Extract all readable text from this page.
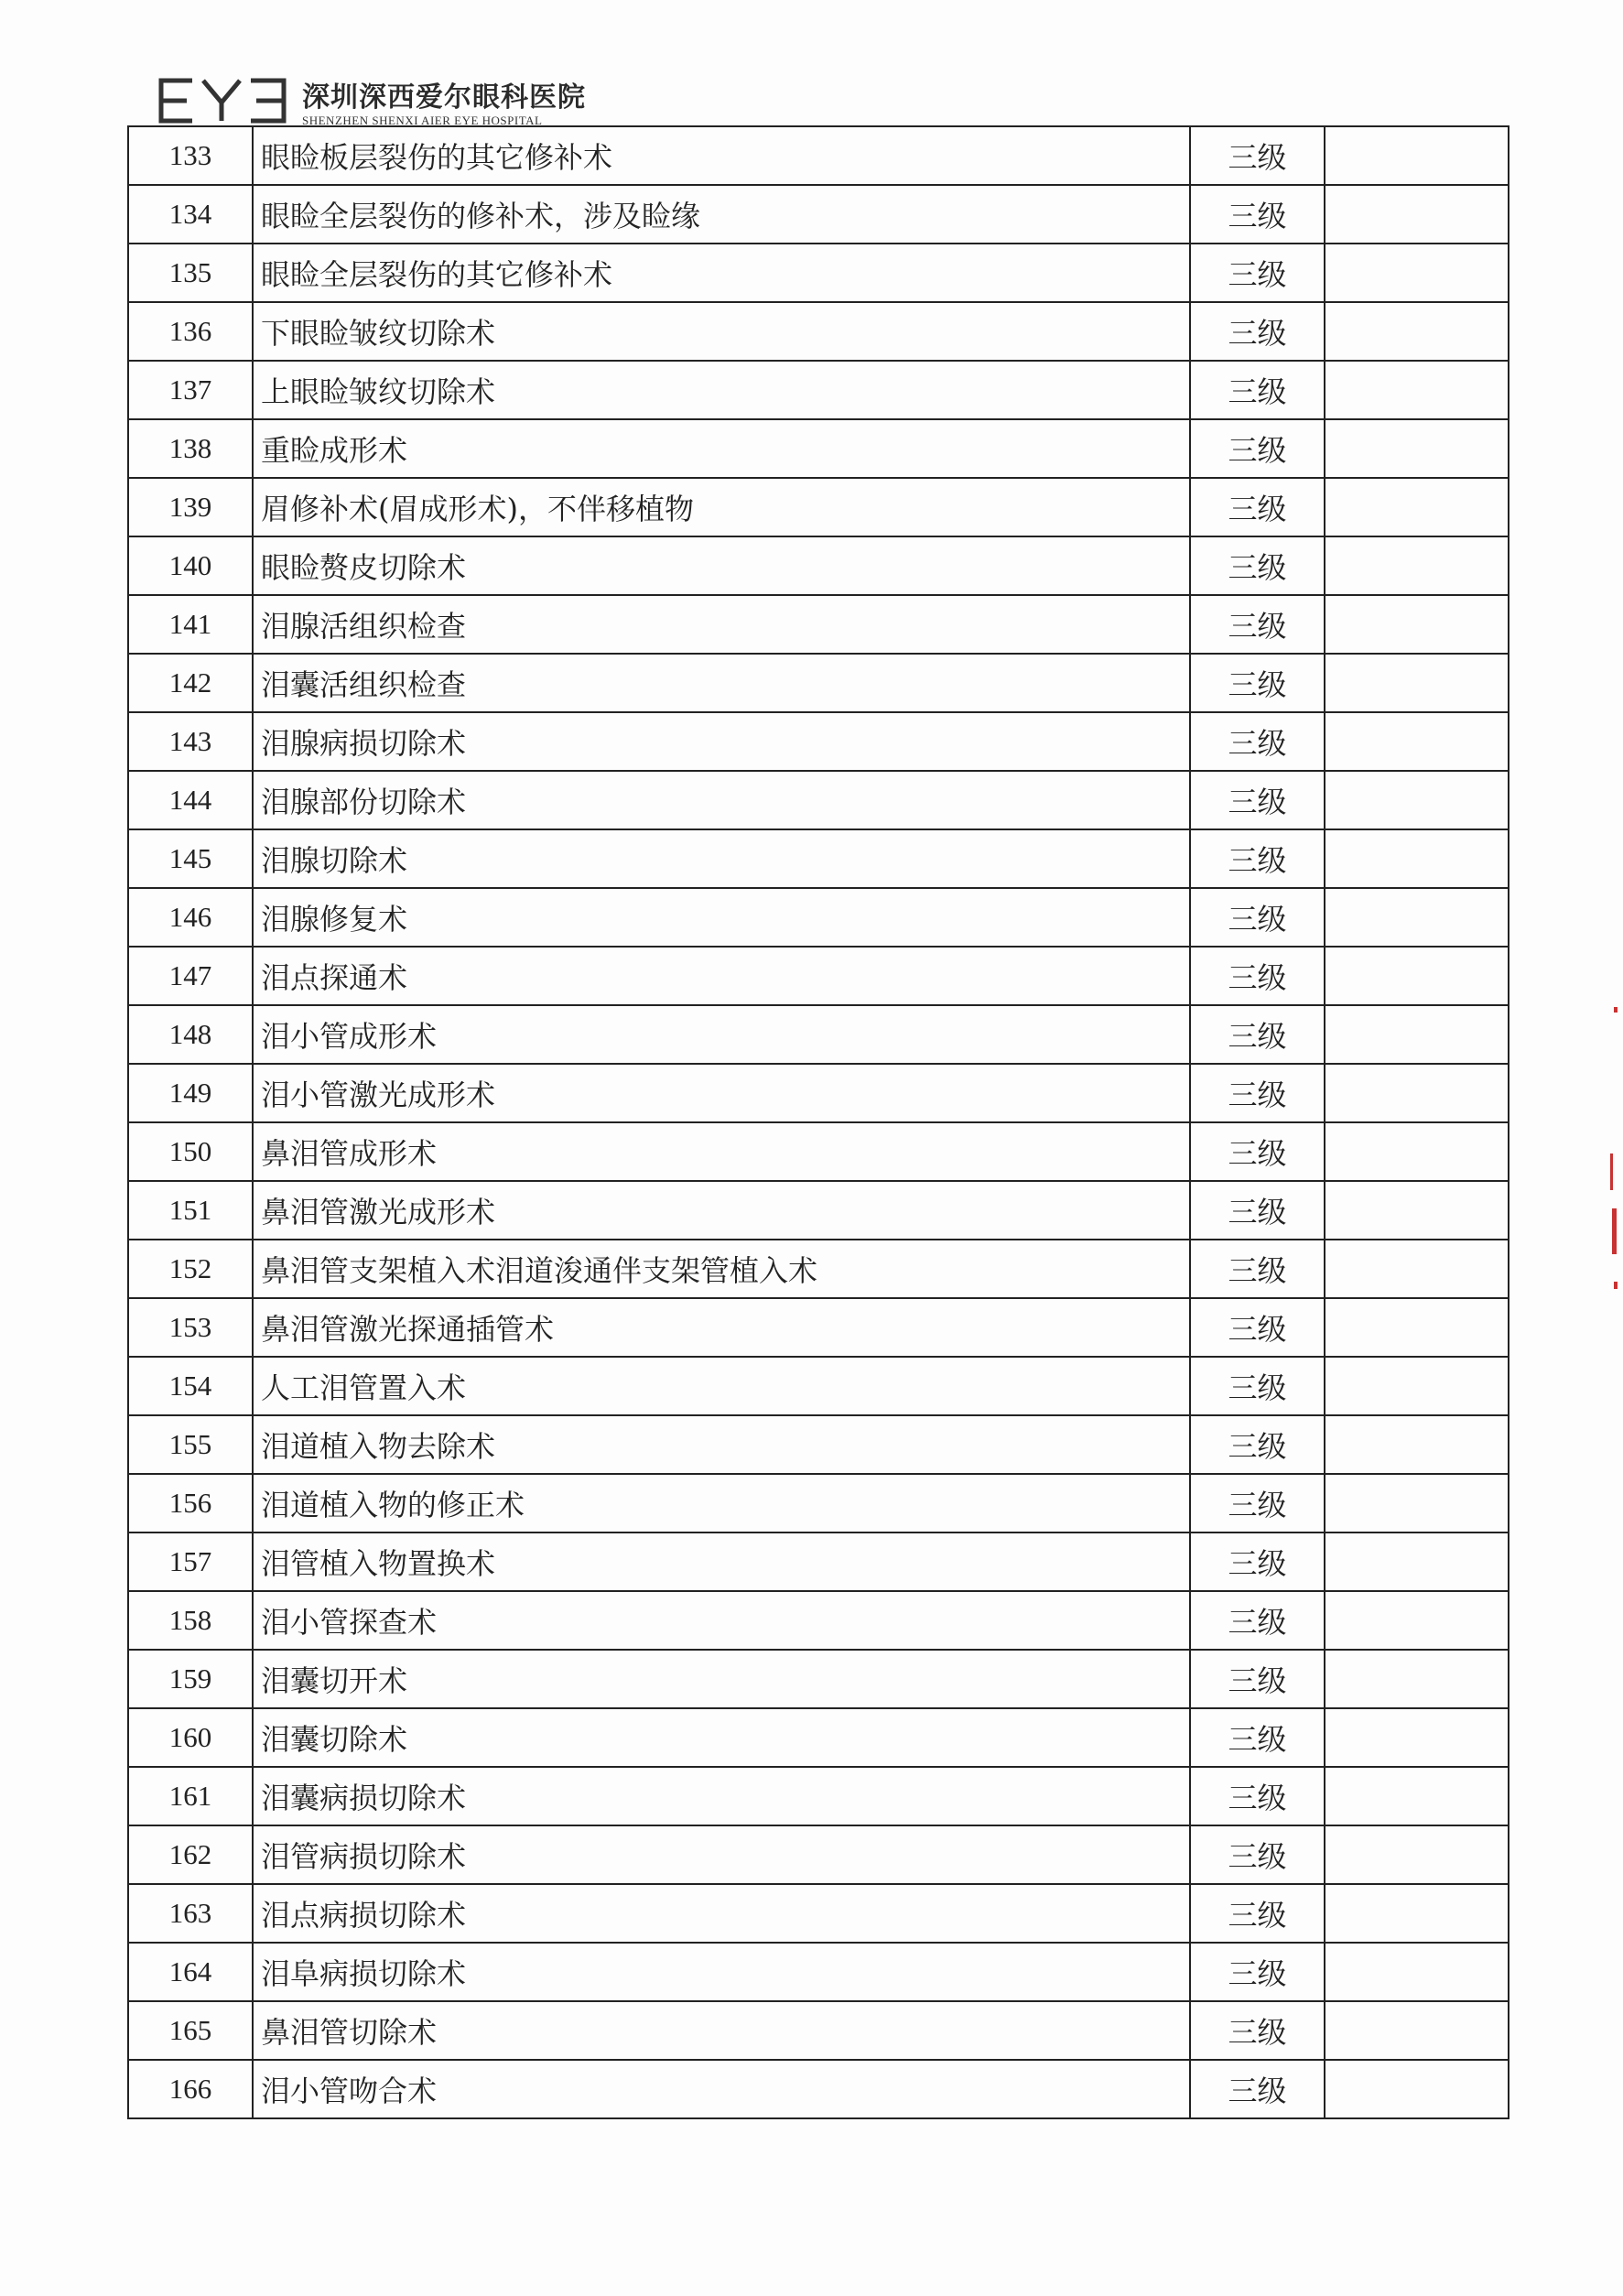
深圳深西爱尔眼科医院
SHENZHEN SHENXI AIER EYE HOSPITAL
133	眼睑板层裂伤的其它修补术	三级	
134	眼睑全层裂伤的修补术，涉及睑缘	三级	
135	眼睑全层裂伤的其它修补术	三级	
136	下眼睑皱纹切除术	三级	
137	上眼睑皱纹切除术	三级	
138	重睑成形术	三级	
139	眉修补术(眉成形术)，不伴移植物	三级	
140	眼睑赘皮切除术	三级	
141	泪腺活组织检查	三级	
142	泪囊活组织检查	三级	
143	泪腺病损切除术	三级	
144	泪腺部份切除术	三级	
145	泪腺切除术	三级	
146	泪腺修复术	三级	
147	泪点探通术	三级	
148	泪小管成形术	三级	
149	泪小管激光成形术	三级	
150	鼻泪管成形术	三级	
151	鼻泪管激光成形术	三级	
152	鼻泪管支架植入术泪道浚通伴支架管植入术	三级	
153	鼻泪管激光探通插管术	三级	
154	人工泪管置入术	三级	
155	泪道植入物去除术	三级	
156	泪道植入物的修正术	三级	
157	泪管植入物置换术	三级	
158	泪小管探查术	三级	
159	泪囊切开术	三级	
160	泪囊切除术	三级	
161	泪囊病损切除术	三级	
162	泪管病损切除术	三级	
163	泪点病损切除术	三级	
164	泪阜病损切除术	三级	
165	鼻泪管切除术	三级	
166	泪小管吻合术	三级	
